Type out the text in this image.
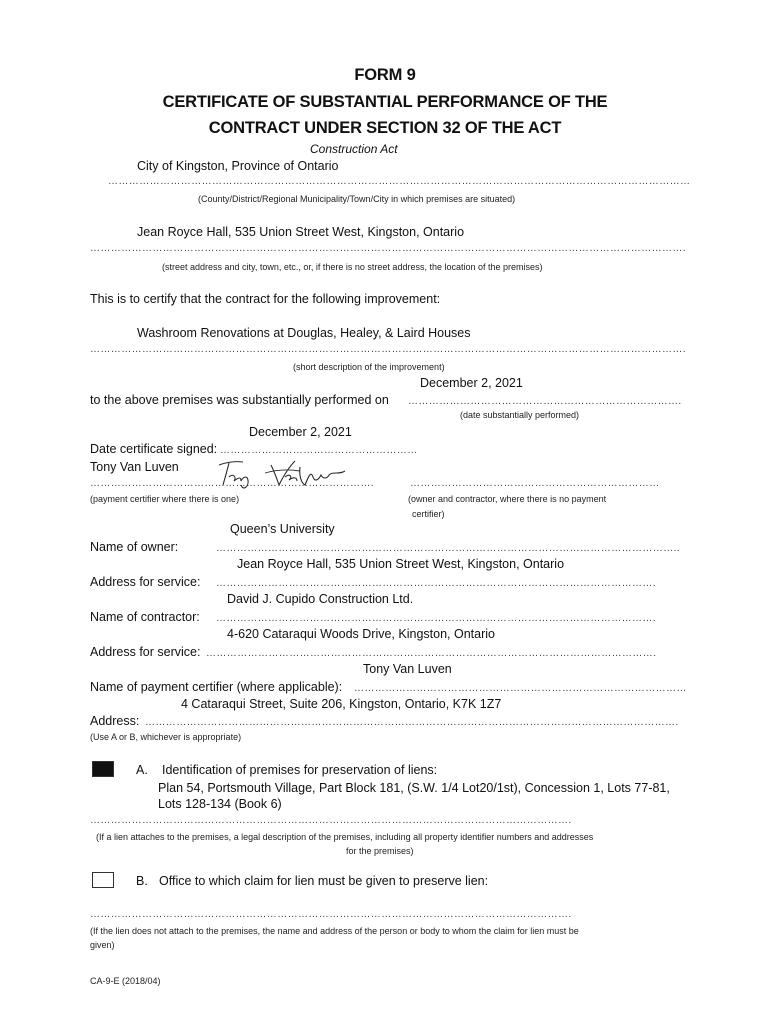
FORM 9
CERTIFICATE OF SUBSTANTIAL PERFORMANCE OF THE
CONTRACT UNDER SECTION 32 OF THE ACT
Construction Act
City of Kingston, Province of Ontario
……………………………………………………………………………………………………………………………………………………
(County/District/Regional Municipality/Town/City in which premises are situated)
Jean Royce Hall, 535 Union Street West, Kingston, Ontario
……………………………………………………………………………………………………………………………………………………….
(street address and city, town, etc., or, if there is no street address, the location of the premises)
This is to certify that the contract for the following improvement:
Washroom Renovations at Douglas, Healey, & Laird Houses
……………………………………………………………………………………………………………………………………………………….
(short description of the improvement)
December 2, 2021
to the above premises was substantially performed on …………………………………………………………………….
(date substantially performed)
December 2, 2021
Date certificate signed: …………………………………………………
Tony Van Luven
……………………………………………………………………….
(payment certifier where there is one)
………………………………………………………………
(owner and contractor, where there is no payment
certifier)
Queen’s University
Name of owner:	……………………………………………………………………………………………………………………..
Jean Royce Hall, 535 Union Street West, Kingston, Ontario
Address for service: ……………………………………………………………………………………………………………….
David J. Cupido Construction Ltd.
Name of contractor: ……………………………………………………………………………………………………………….
4-620 Cataraqui Woods Drive, Kingston, Ontario
Address for service: ………………………………………………………………………………………………………………….
Tony Van Luven
Name of payment certifier (where applicable): ……………………………………………………………………………………
4 Cataraqui Street, Suite 206, Kingston, Ontario, K7K 1Z7
Address: ……………………………………………………………………………………………………………………………………….
(Use A or B, whichever is appropriate)
A. Identification of premises for preservation of liens:
Plan 54, Portsmouth Village, Part Block 181, (S.W. 1/4 Lot20/1st), Concession 1, Lots 77-81,
Lots 128-134 (Book 6)
………………………………………………………………………………………………………………………….
(If a lien attaches to the premises, a legal description of the premises, including all property identifier numbers and addresses
for the premises)
B. Office to which claim for lien must be given to preserve lien:
………………………………………………………………………………………………………………………….
(If the lien does not attach to the premises, the name and address of the person or body to whom the claim for lien must be
given)
CA-9-E (2018/04)
